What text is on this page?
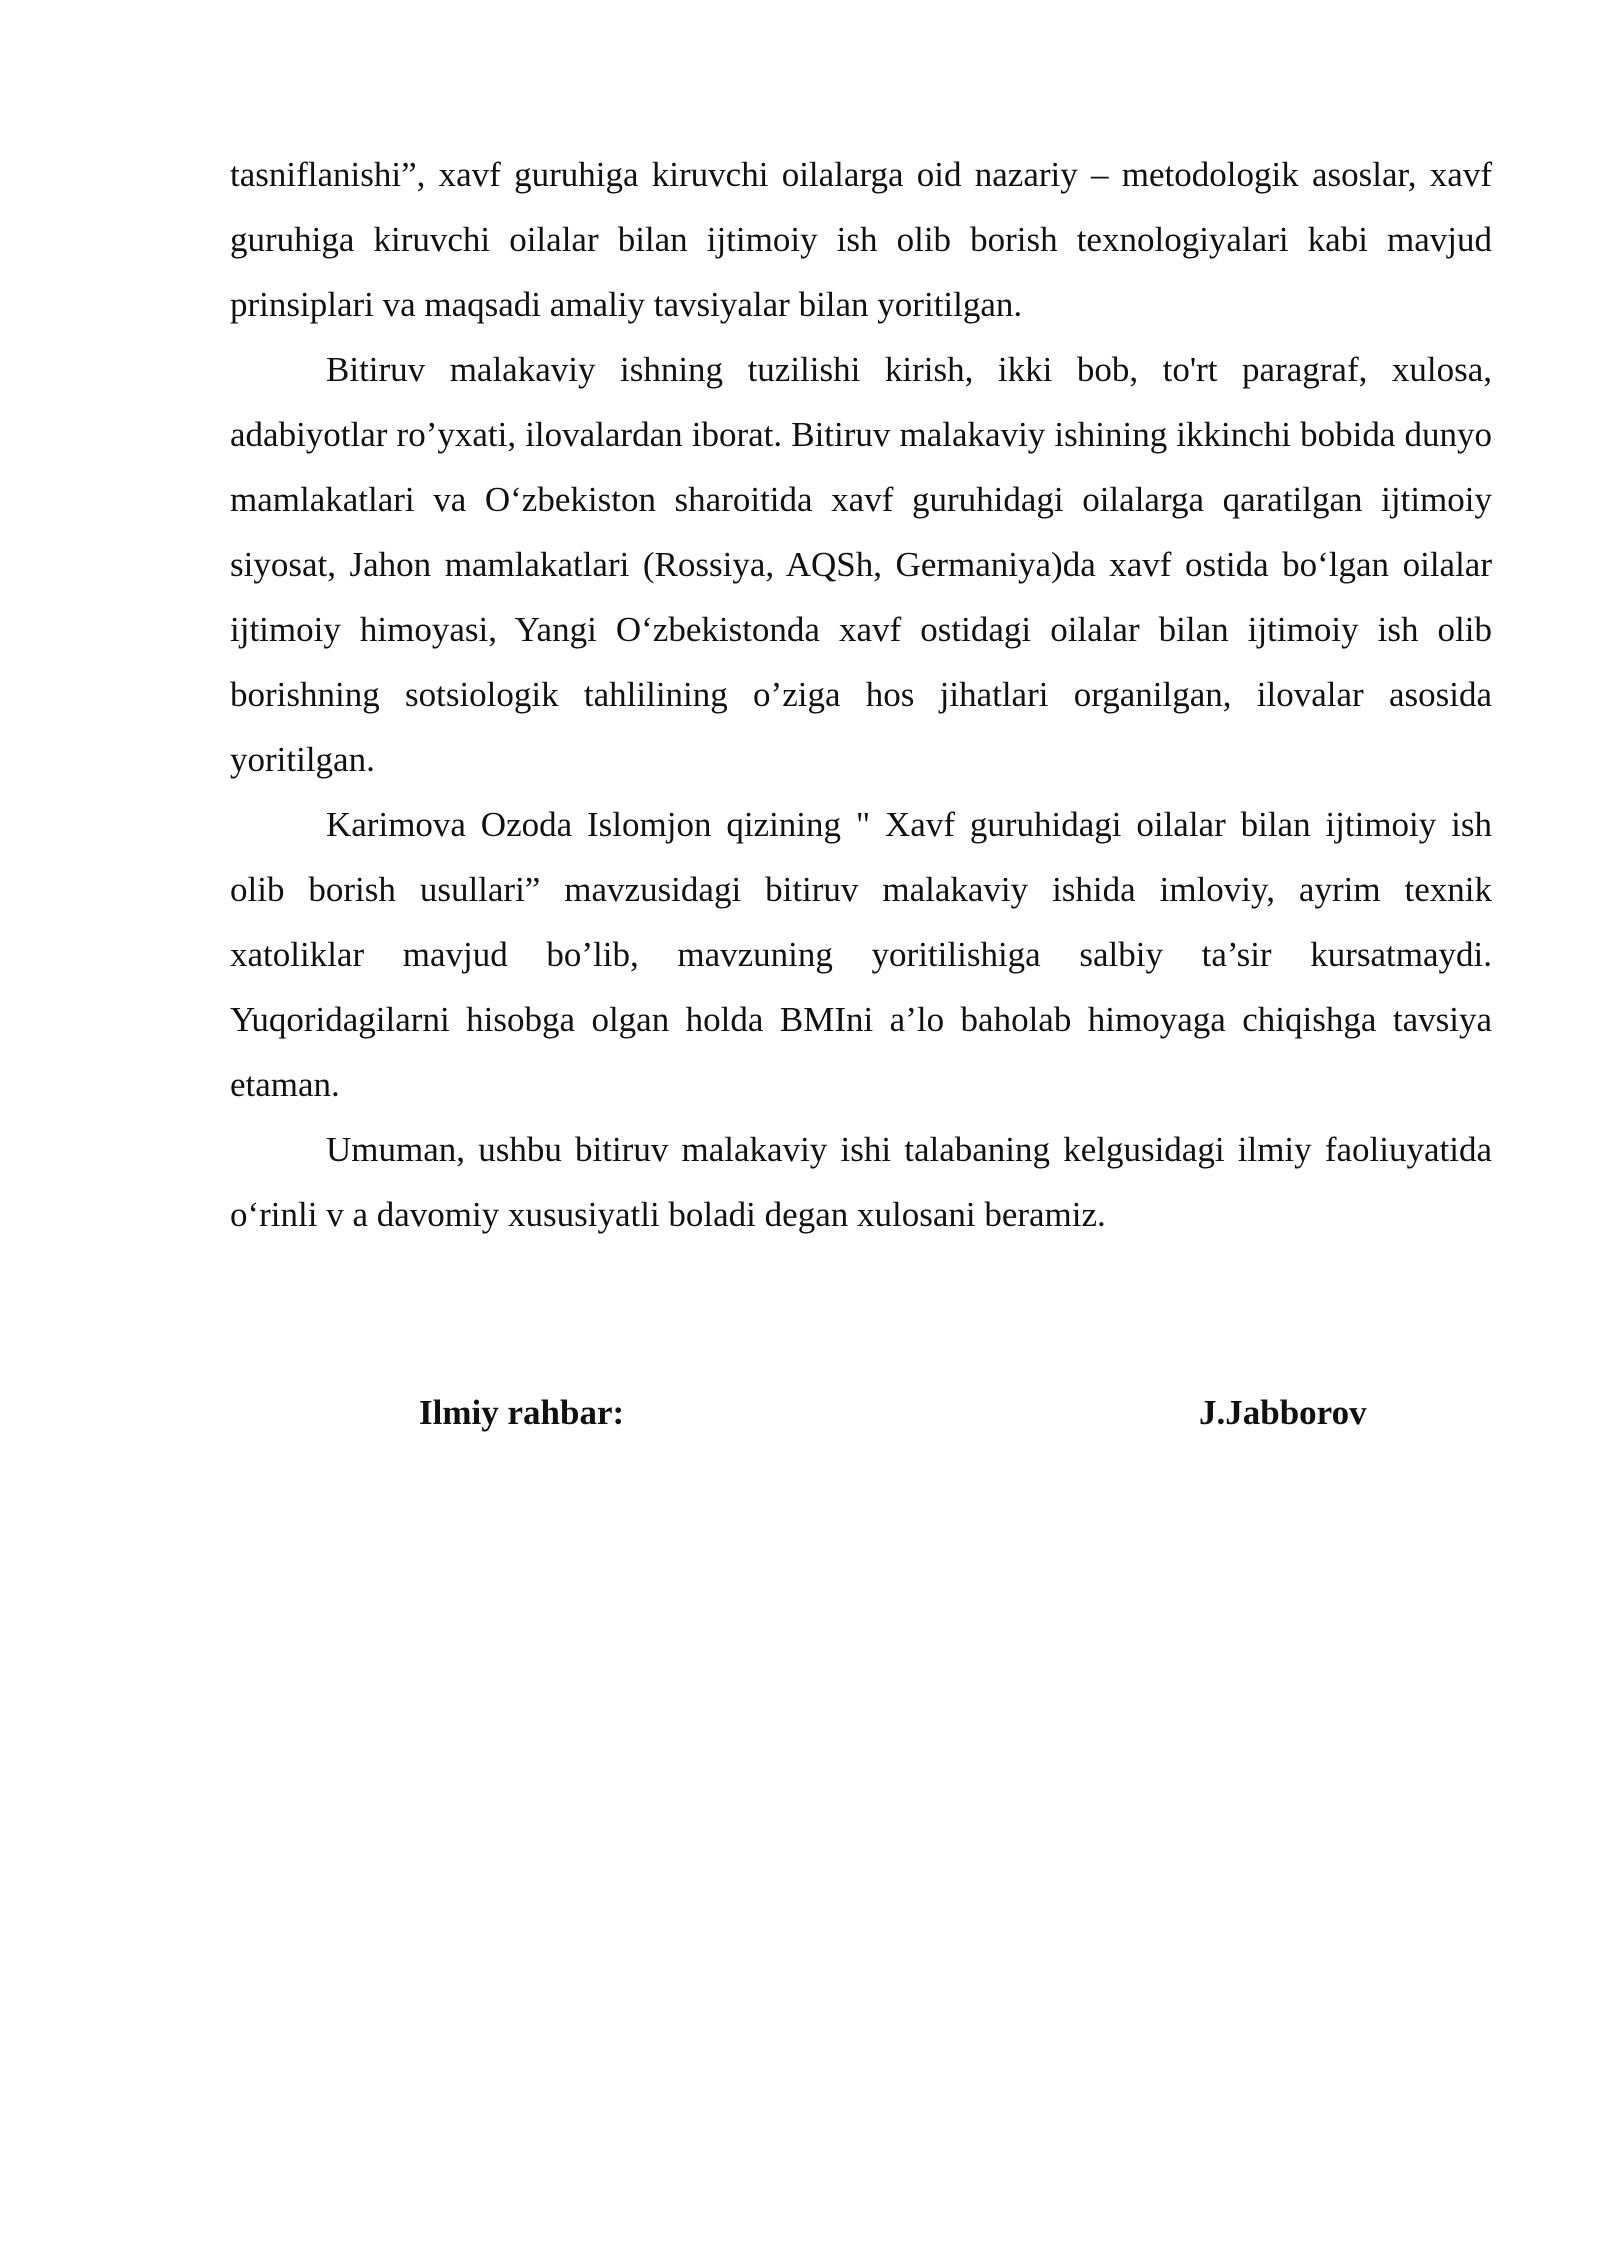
tasniflanishi”, xavf guruhiga kiruvchi oilalarga oid nazariy – metodologik asoslar, xavf guruhiga kiruvchi oilalar bilan ijtimoiy ish olib borish texnologiyalari kabi mavjud prinsiplari va maqsadi amaliy tavsiyalar bilan yoritilgan.

Bitiruv malakaviy ishning tuzilishi kirish, ikki bob, to'rt paragraf, xulosa, adabiyotlar ro’yxati, ilovalardan iborat. Bitiruv malakaviy ishining ikkinchi bobida dunyo mamlakatlari va O‘zbekiston sharoitida xavf guruhidagi oilalarga qaratilgan ijtimoiy siyosat, Jahon mamlakatlari (Rossiya, AQSh, Germaniya)da xavf ostida bo‘lgan oilalar ijtimoiy himoyasi, Yangi O‘zbekistonda xavf ostidagi oilalar bilan ijtimoiy ish olib borishning sotsiologik tahlilining o’ziga hos jihatlari organilgan, ilovalar asosida yoritilgan.

Karimova Ozoda Islomjon qizining " Xavf guruhidagi oilalar bilan ijtimoiy ish olib borish usullari” mavzusidagi bitiruv malakaviy ishida imloviy, ayrim texnik xatoliklar mavjud bo’lib, mavzuning yoritilishiga salbiy ta’sir kursatmaydi. Yuqoridagilarni hisobga olgan holda BMIni a’lo baholab himoyaga chiqishga tavsiya etaman.

Umuman, ushbu bitiruv malakaviy ishi talabaning kelgusidagi ilmiy faoliuyatida o‘rinli v a davomiy xususiyatli boladi degan xulosani beramiz.

Ilmiy rahbar:	J.Jabborov
